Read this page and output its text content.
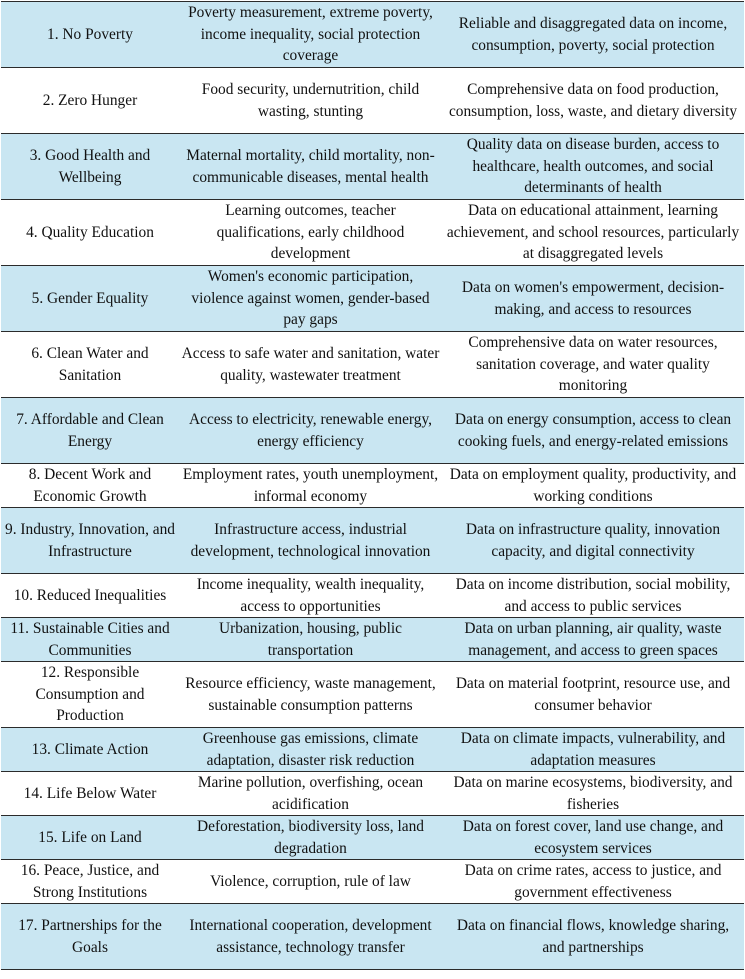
1. No Poverty	Poverty measurement, extreme poverty, income inequality, social protection coverage	Reliable and disaggregated data on income, consumption, poverty, social protection
2. Zero Hunger	Food security, undernutrition, child wasting, stunting	Comprehensive data on food production, consumption, loss, waste, and dietary diversity
3. Good Health and Wellbeing	Maternal mortality, child mortality, non-communicable diseases, mental health	Quality data on disease burden, access to healthcare, health outcomes, and social determinants of health
4. Quality Education	Learning outcomes, teacher qualifications, early childhood development	Data on educational attainment, learning achievement, and school resources, particularly at disaggregated levels
5. Gender Equality	Women's economic participation, violence against women, gender-based pay gaps	Data on women's empowerment, decision-making, and access to resources
6. Clean Water and Sanitation	Access to safe water and sanitation, water quality, wastewater treatment	Comprehensive data on water resources, sanitation coverage, and water quality monitoring
7. Affordable and Clean Energy	Access to electricity, renewable energy, energy efficiency	Data on energy consumption, access to clean cooking fuels, and energy-related emissions
8. Decent Work and Economic Growth	Employment rates, youth unemployment, informal economy	Data on employment quality, productivity, and working conditions
9. Industry, Innovation, and Infrastructure	Infrastructure access, industrial development, technological innovation	Data on infrastructure quality, innovation capacity, and digital connectivity
10. Reduced Inequalities	Income inequality, wealth inequality, access to opportunities	Data on income distribution, social mobility, and access to public services
11. Sustainable Cities and Communities	Urbanization, housing, public transportation	Data on urban planning, air quality, waste management, and access to green spaces
12. Responsible Consumption and Production	Resource efficiency, waste management, sustainable consumption patterns	Data on material footprint, resource use, and consumer behavior
13. Climate Action	Greenhouse gas emissions, climate adaptation, disaster risk reduction	Data on climate impacts, vulnerability, and adaptation measures
14. Life Below Water	Marine pollution, overfishing, ocean acidification	Data on marine ecosystems, biodiversity, and fisheries
15. Life on Land	Deforestation, biodiversity loss, land degradation	Data on forest cover, land use change, and ecosystem services
16. Peace, Justice, and Strong Institutions	Violence, corruption, rule of law	Data on crime rates, access to justice, and government effectiveness
17. Partnerships for the Goals	International cooperation, development assistance, technology transfer	Data on financial flows, knowledge sharing, and partnerships
